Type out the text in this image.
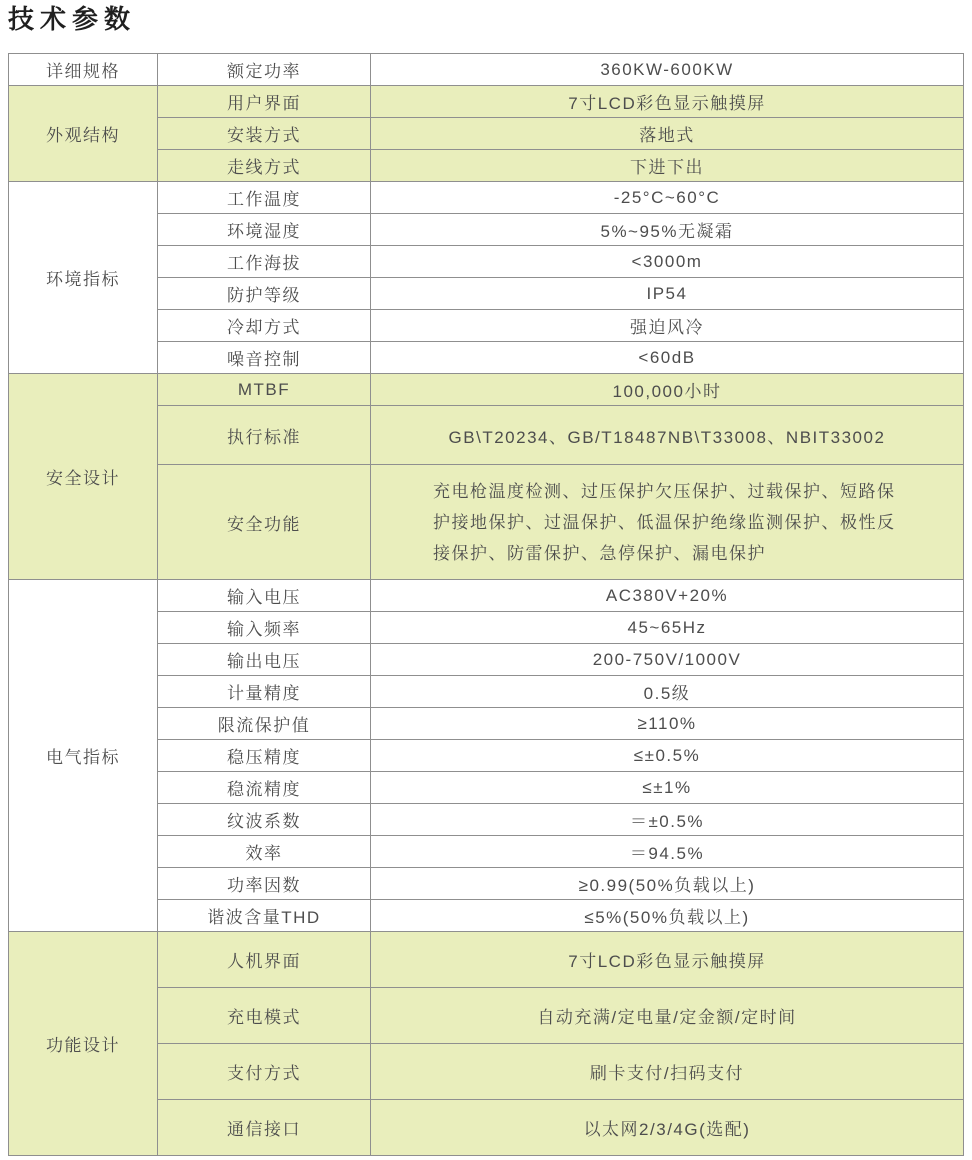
技术参数
详细规格	额定功率	360KW-600KW
外观结构	用户界面	7寸LCD彩色显示触摸屏
	安装方式	落地式
	走线方式	下进下出
环境指标	工作温度	-25°C~60°C
	环境湿度	5%~95%无凝霜
	工作海拔	<3000m
	防护等级	IP54
	冷却方式	强迫风冷
	噪音控制	<60dB
安全设计	MTBF	100,000小时
	执行标准	GB\T20234、GB/T18487NB\T33008、NBIT33002
	安全功能	充电枪温度检测、过压保护欠压保护、过载保护、短路保护接地保护、过温保护、低温保护绝缘监测保护、极性反接保护、防雷保护、急停保护、漏电保护
电气指标	输入电压	AC380V+20%
	输入频率	45~65Hz
	输出电压	200-750V/1000V
	计量精度	0.5级
	限流保护值	≥110%
	稳压精度	≤±0.5%
	稳流精度	≤±1%
	纹波系数	＝±0.5%
	效率	＝94.5%
	功率因数	≥0.99(50%负载以上)
	谐波含量THD	≤5%(50%负载以上)
功能设计	人机界面	7寸LCD彩色显示触摸屏
	充电模式	自动充满/定电量/定金额/定时间
	支付方式	刷卡支付/扫码支付
	通信接口	以太网2/3/4G(选配)
